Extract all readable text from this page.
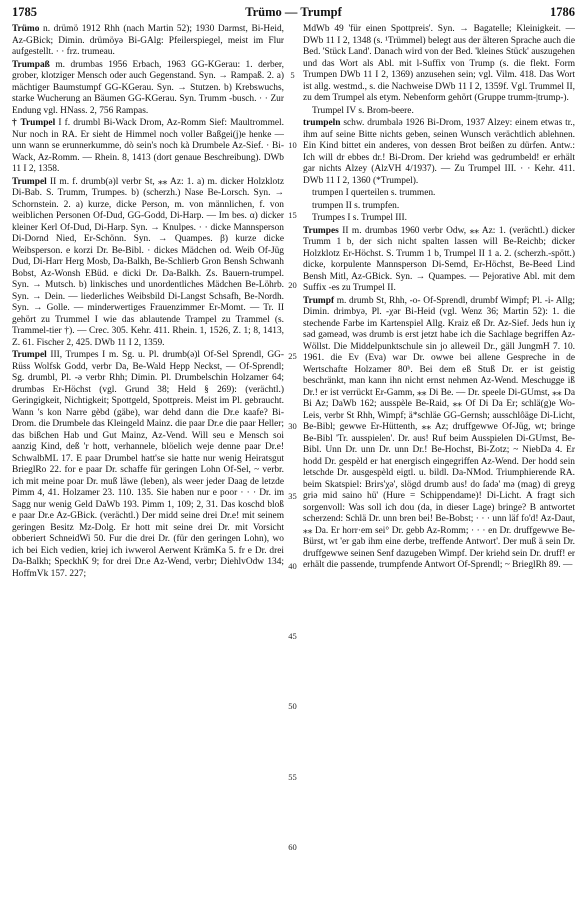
1785	Trümo — Trumpf	1786

Trümo n. drümö 1912 Rhh (nach Martin 52); 1930 Darmst, Bi-Heid, Az-GBick; Dimin. drümöyə Bi-GAlg: Pfeilerspiegel, meist im Flur aufgestellt. · · frz. trumeau.

Trumpaß m. drumbas 1956 Erbach, 1963 GG-KGerau: 1. derber, grober, klotziger Mensch oder auch Gegenstand. Syn. → Rampaß. 2. a) mächtiger Baumstumpf GG-KGerau. Syn. → Stutzen. b) Krebswuchs, starke Wucherung an Bäumen GG-KGerau. Syn. Trumm -busch. · · Zur Endung vgl. HNass. 2, 756 Rampas.

† Trumpel I f. drumbl Bi-Wack Drom, Az-Romm Sief: Maultrommel. Nur noch in RA. Er sieht de Himmel noch voller Baßgei(j)e henke — unn wann se erunnerkumme, dò sein's noch kà Drumbele Az-Sief. · Bi-Wack, Az-Romm. — Rhein. 8, 1413 (dort genaue Beschreibung). DWb 11 I 2, 1358.

Trumpel II m. f. drumb(ə)l verbr St, ⁎⁎ Az: 1. a) m. dicker Holzklotz Di-Bab. S. Trumm, Trumpes. b) (scherzh.) Nase Be-Lorsch. Syn. → Schornstein. 2. a) kurze, dicke Person, m. von männlichen, f. von weiblichen Personen Of-Dud, GG-Godd, Di-Harp. — Im bes. α) dicker kleiner Kerl Of-Dud, Di-Harp. Syn. → Knulpes. · · dicke Mannsperson Di-Dornd Nied, Er-Schönn. Syn. → Quampes. β) kurze dicke Weibsperson. e korzi Dr. Be-Bibl. · dickes Mädchen od. Weib Of-Jüg Dud, Di-Harr Herg Mosb, Da-Balkh, Be-Schlierb Gron Bensh Schwanh Bobst, Az-Wonsh EBüd. e dicki Dr. Da-Balkh. Zs. Bauern-trumpel. Syn. → Mutsch. b) linkisches und unordentliches Mädchen Be-Löhrb. Syn. → Dein. — liederliches Weibsbild Di-Langst Schsafh, Be-Nordh. Syn. → Golle. — minderwertiges Frauenzimmer Er-Momt. — Tr. II gehört zu Trummel I wie das ablautende Trampel zu Trammel (s. Trammel-tier †). — Crec. 305. Kehr. 411. Rhein. 1, 1526, Z. 1; 8, 1413, Z. 61. Fischer 2, 425. DWb 11 I 2, 1359.

Trumpel III, Trumpes I m. Sg. u. Pl. drumb(ə)l Of-Sel Sprendl, GG-Rüss Wolfsk Godd, verbr Da, Be-Wald Hepp Neckst, — Of-Sprendl; Sg. drumbl, Pl. -ə verbr Rhh; Dimin. Pl. Drumbelschin Holzamer 64; drumbəs Er-Höchst (vgl. Grund 38; Held § 269): (verächtl.) Geringigkeit, Nichtigkeit; Spottgeld, Spottpreis. Meist im Pl. gebraucht. Wann 's kon Narre gèbd (gäbe), war dehd dann die Dr.e kaafe? Bi-Drom. die Drumbele das Kleingeld Mainz. die paar Dr.e die paar Heller; das bißchen Hab und Gut Mainz, Az-Vend. Will seu e Mensch soi aanzig Kind, deß 'r hott, verhannele, blöelich weje denne paar Dr.e! SchwalbML 17. E paar Drumbel hatt'se sie hatte nur wenig Heiratsgut BrieglRo 22. for e paar Dr. schaffe für geringen Lohn Of-Sel, ~ verbr. ich mit meine poar Dr. muß läwe (leben), als weer jeder Daag de letzde Pimm 4, 41. Holzamer 23. 110. 135. Sie haben nur e poor · · · Dr. im Sagg nur wenig Geld DaWb 193. Pimm 1, 109; 2, 31. Das koschd bloß e paar Dr.e Az-GBick. (verächtl.) Der midd seine drei Dr.e! mit seinem geringen Besitz Mz-Dolg. Er hott mit seine drei Dr. mit Vorsicht obberiert SchneidWi 50. Fur die drei Dr. (für den geringen Lohn), wo ich bei Eich vedien, kriej ich iwwerol Aerwent KrämKa 5. fr e Dr. drei Da-Balkh; SpeckhK 9; for drei Dr.e Az-Wend, verbr; DiehlvOdw 134; HoffmVk 157. 227;

MdWb 49 'für einen Spottpreis'. Syn. → Bagatelle; Kleinigkeit. — DWb 11 I 2, 1348 (s. ¹Trümmel) belegt aus der älteren Sprache auch die Bed. 'Stück Land'. Danach wird von der Bed. 'kleines Stück' auszugehen und das Wort als Abl. mit l-Suffix von Trump (s. die flekt. Form Trumpen DWb 11 I 2, 1369) anzusehen sein; vgl. Vilm. 418. Das Wort ist allg. westmd., s. die Nachweise DWb 11 I 2, 1359f. Vgl. Trummel II, zu dem Trumpel als etym. Nebenform gehört (Gruppe trumm-|trump-).

Trumpel IV s. Brom-beere.

trumpeln schw. drumbalə 1926 Bi-Drom, 1937 Alzey: einem etwas tr., ihm auf seine Bitte nichts geben, seinen Wunsch verächtlich ablehnen. Ein Kind bittet ein anderes, von dessen Brot beißen zu dürfen. Antw.: Ich will dr ebbes dr.! Bi-Drom. Der kriehd was gedrumbeld! er erhält gar nichts Alzey (AlzVH 4/1937). — Zu Trumpel III. · · Kehr. 411. DWb 11 I 2, 1360 (*Trumpel).

trumpen I querteilen s. trummen.

trumpen II s. trumpfen.

Trumpes I s. Trumpel III.

Trumpes II m. drumbəs 1960 verbr Odw, ⁎⁎ Az: 1. (verächtl.) dicker Trumm 1 b, der sich nicht spalten lassen will Be-Reichb; dicker Holzklotz Er-Höchst. S. Trumm 1 b, Trumpel II 1 a. 2. (scherzh.-spött.) dicke, korpulente Mannsperson Di-Semd, Er-Höchst, Be-Beed Lind Bensh Mitl, Az-GBick. Syn. → Quampes. — Pejorative Abl. mit dem Suffix -es zu Trumpel II.

Trumpf m. drumb St, Rhh, -o- Of-Sprendl, drumbf Wimpf; Pl. -i- Allg; Dimin. drimbyə, Pl. -χər Bi-Heid (vgl. Wenz 36; Martin 52): 1. die stechende Farbe im Kartenspiel Allg. Kraiz eß Dr. Az-Sief. Jeds hun iχ səd gəmeəd, wəs drumb is erst jetzt habe ich die Sachlage begriffen Az-Wöllst. Die Middelpunktschule sin jo alleweil Dr., gäll JungmH 7. 10. 1961. die Ev (Eva) war Dr. owwe bei allene Gespreche in de Wertschafte Holzamer 80ᵇ. Bei dem eß Stuß Dr. er ist geistig beschränkt, man kann ihn nicht ernst nehmen Az-Wend. Meschugge iß Dr.! er ist verrückt Er-Gamm, ⁎⁎ Di Be. — Dr. speele Di-GUmst, ⁎⁎ Da Bi Az; DaWb 162; ausspèle Be-Raid, ⁎⁎ Of Di Da Er; schlä(g)e Wo-Leis, verbr St Rhh, Wimpf; ä*schläe GG-Gernsh; ausschlôäge Di-Licht, Be-Bibl; gewwe Er-Hüttenth, ⁎⁎ Az; druffgewwe Of-Jüg, wt; bringe Be-Bibl 'Tr. ausspielen'. Dr. aus! Ruf beim Ausspielen Di-GUmst, Be-Bibl. Unn Dr. unn Dr. unn Dr.! Be-Hochst, Bi-Zotz; ~ NiebDa 4. Er hodd Dr. gespèld er hat energisch eingegriffen Az-Wend. Der hodd sein letschde Dr. ausgespèld eigtl. u. bildl. Da-NMod. Triumphierende RA. beim Skatspiel: Brirs'χə', slögd drumb aus! do ſadə' mə (mag) di greyg griə mid saino hü' (Hure = Schippendame)! Di-Licht. A fragt sich sorgenvoll: Was soll ich dou (da, in dieser Lage) bringe? B antwortet scherzend: Schlä Dr. unn bren bei! Be-Bobst; · · · unn läf fo'd! Az-Daut, ⁎⁎ Da. Er horr·em sei° Dr. gebb Az-Romm; · · · en Dr. druffgewwe Be-Bürst, wt 'er gab ihm eine derbe, treffende Antwort'. Der muß ä sein Dr. druffgewwe seinen Senf dazugeben Wimpf. Der kriehd sein Dr. druff! er erhält die passende, trumpfende Antwort Of-Sprendl; ~ BrieglRh 89. —

5
10
15
20
25
30
35
40
45
50
55
60
